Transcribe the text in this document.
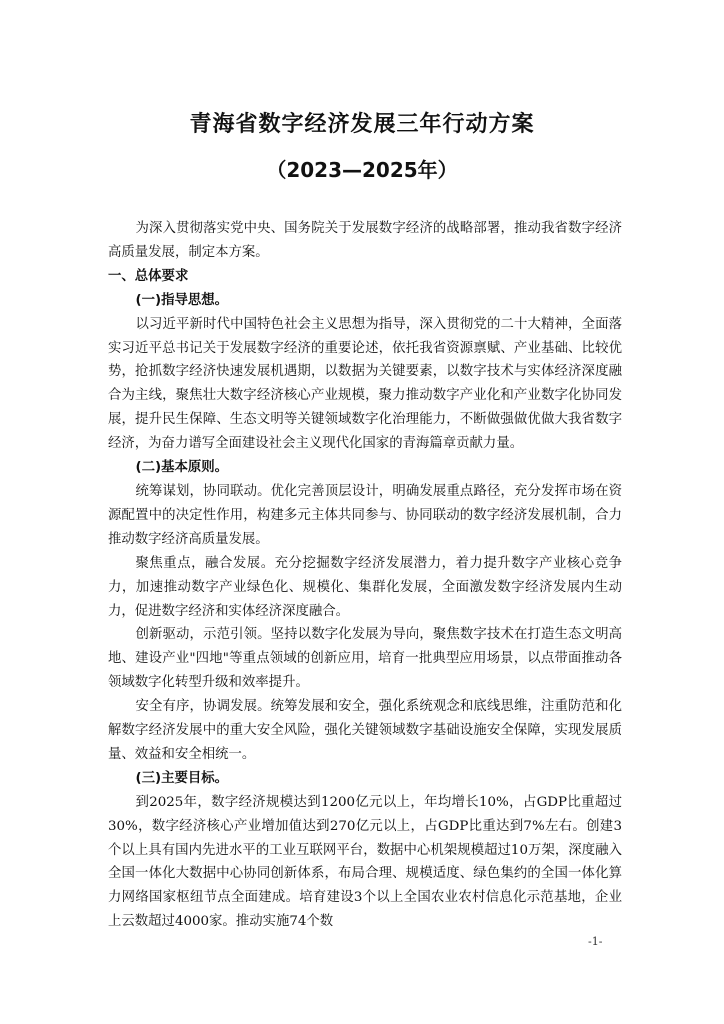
青海省数字经济发展三年行动方案
（2023—2025年）

为深入贯彻落实党中央、国务院关于发展数字经济的战略部署，推动我省数字经济高质量发展，制定本方案。

一、总体要求

(一)指导思想。

以习近平新时代中国特色社会主义思想为指导，深入贯彻党的二十大精神，全面落实习近平总书记关于发展数字经济的重要论述，依托我省资源禀赋、产业基础、比较优势，抢抓数字经济快速发展机遇期，以数据为关键要素，以数字技术与实体经济深度融合为主线，聚焦壮大数字经济核心产业规模，聚力推动数字产业化和产业数字化协同发展，提升民生保障、生态文明等关键领域数字化治理能力，不断做强做优做大我省数字经济，为奋力谱写全面建设社会主义现代化国家的青海篇章贡献力量。

(二)基本原则。

统筹谋划，协同联动。优化完善顶层设计，明确发展重点路径，充分发挥市场在资源配置中的决定性作用，构建多元主体共同参与、协同联动的数字经济发展机制，合力推动数字经济高质量发展。

聚焦重点，融合发展。充分挖掘数字经济发展潜力，着力提升数字产业核心竞争力，加速推动数字产业绿色化、规模化、集群化发展，全面激发数字经济发展内生动力，促进数字经济和实体经济深度融合。

创新驱动，示范引领。坚持以数字化发展为导向，聚焦数字技术在打造生态文明高地、建设产业"四地"等重点领域的创新应用，培育一批典型应用场景，以点带面推动各领域数字化转型升级和效率提升。

安全有序，协调发展。统筹发展和安全，强化系统观念和底线思维，注重防范和化解数字经济发展中的重大安全风险，强化关键领域数字基础设施安全保障，实现发展质量、效益和安全相统一。

(三)主要目标。

到2025年，数字经济规模达到1200亿元以上，年均增长10%，占GDP比重超过30%，数字经济核心产业增加值达到270亿元以上，占GDP比重达到7%左右。创建3个以上具有国内先进水平的工业互联网平台，数据中心机架规模超过10万架，深度融入全国一体化大数据中心协同创新体系，布局合理、规模适度、绿色集约的全国一体化算力网络国家枢纽节点全面建成。培育建设3个以上全国农业农村信息化示范基地，企业上云数超过4000家。推动实施74个数

-1-
